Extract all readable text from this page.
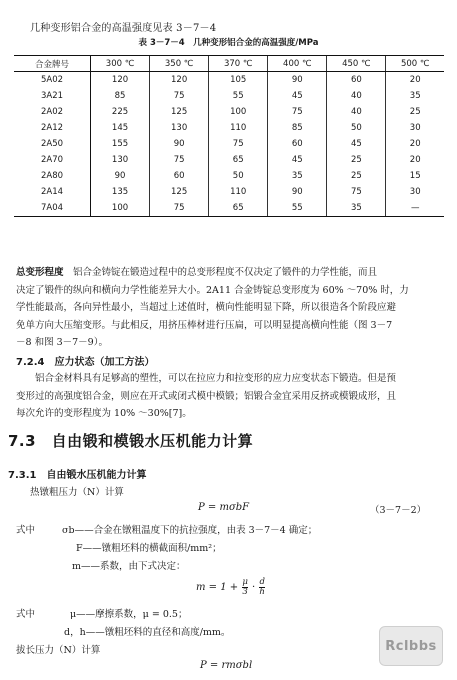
几种变形铝合金的高温强度见表 3－7－4
表 3－7－4　几种变形铝合金的高温强度/MPa
合金牌号	300 ℃	350 ℃	370 ℃	400 ℃	450 ℃	500 ℃
5A02	120	120	105	90	60	20
3A21	85	75	55	45	40	35
2A02	225	125	100	75	40	25
2A12	145	130	110	85	50	30
2A50	155	90	75	60	45	20
2A70	130	75	65	45	25	20
2A80	90	60	50	35	25	15
2A14	135	125	110	90	75	30
7A04	100	75	65	55	35	—
总变形程度　铝合金铸锭在锻造过程中的总变形程度不仅决定了锻件的力学性能，而且
决定了锻件的纵向和横向力学性能差异大小。2A11 合金铸锭总变形度为 60% ～70% 时，力
学性能最高，各向异性最小，当超过上述值时，横向性能明显下降，所以很造各个阶段应避
免单方向大压缩变形。与此相反，用挤压棒材进行压扁，可以明显提高横向性能（图 3－7
－8 和图 3－7－9）。
7.2.4　应力状态（加工方法）
　　铝合金材料具有足够高的塑性，可以在拉应力和拉变形的应力应变状态下锻造。但是预
变形过的高强度铝合金，则应在开式或闭式模中模锻；铝锻合金宜采用反挤或模锻成形，且
每次允许的变形程度为 10% ～30%[7]。
7.3　自由锻和模锻水压机能力计算
7.3.1　自由锻水压机能力计算
热镦粗压力（N）计算
P = mσbF	（3－7－2）
式中	σb——合金在镦粗温度下的抗拉强度，由表 3－7－4 确定；
F——镦粗坯料的横截面积/mm²；
m——系数，由下式决定：
$m = 1 + \frac{\mu}{3} \cdot \frac{d}{h}$
式中	μ——摩擦系数，μ = 0.5；
d，h——镦粗坯料的直径和高度/mm。
拔长压力（N）计算
P = rmσbl
Rclbbs
